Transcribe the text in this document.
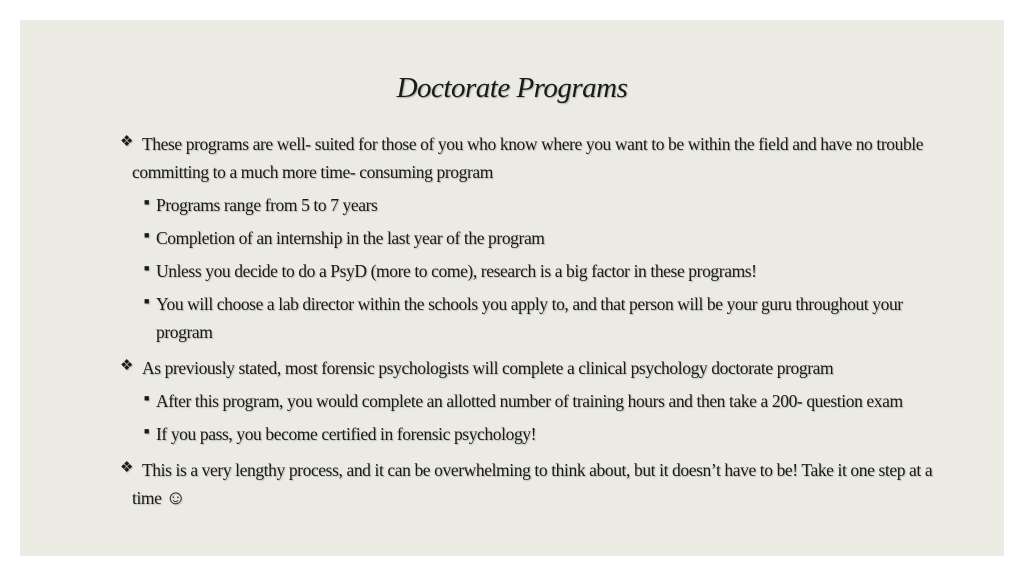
Doctorate Programs
❖ These programs are well- suited for those of you who know where you want to be within the field and have no trouble committing to a much more time- consuming program
■ Programs range from 5 to 7 years
■ Completion of an internship in the last year of the program
■ Unless you decide to do a PsyD (more to come), research is a big factor in these programs!
■ You will choose a lab director within the schools you apply to, and that person will be your guru throughout your program
❖ As previously stated, most forensic psychologists will complete a clinical psychology doctorate program
■ After this program, you would complete an allotted number of training hours and then take a 200- question exam
■ If you pass, you become certified in forensic psychology!
❖ This is a very lengthy process, and it can be overwhelming to think about, but it doesn’t have to be! Take it one step at a time ☺
